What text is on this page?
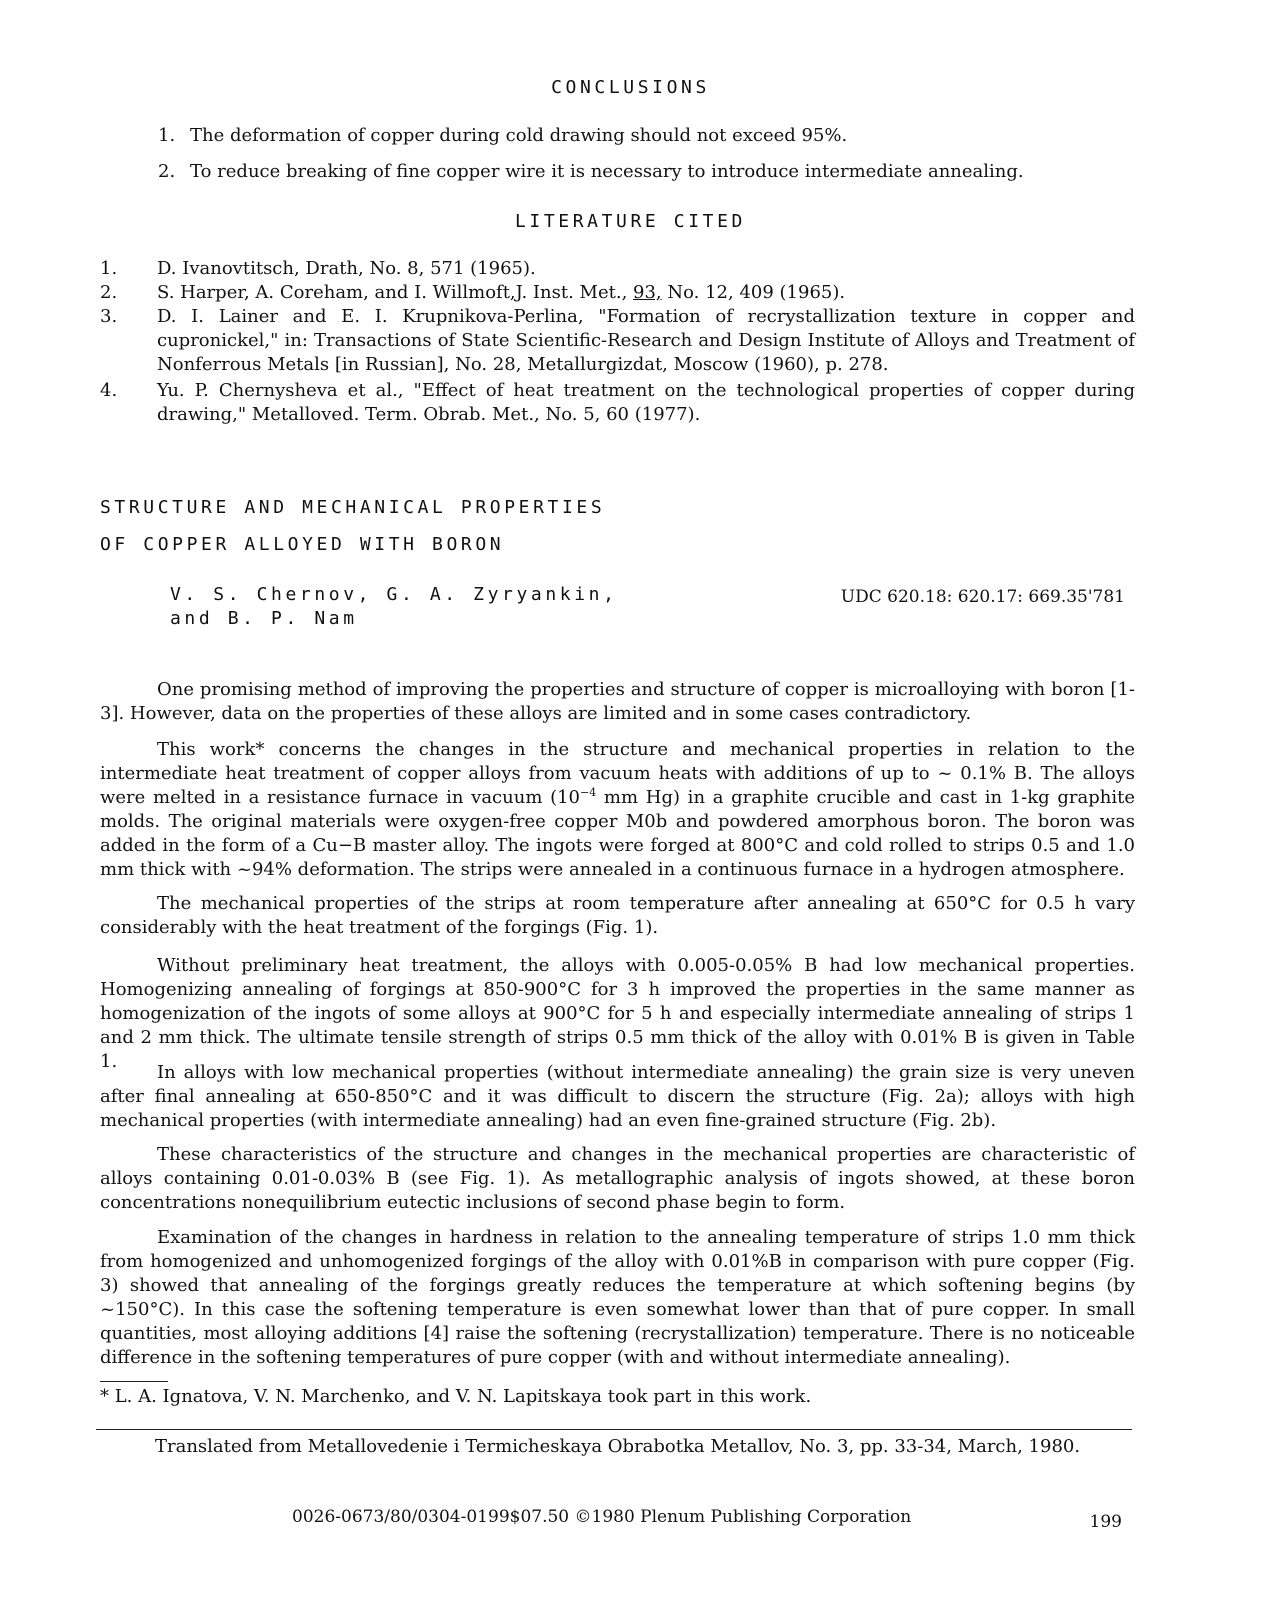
CONCLUSIONS
1. The deformation of copper during cold drawing should not exceed 95%.
2. To reduce breaking of fine copper wire it is necessary to introduce intermediate annealing.
LITERATURE CITED
1.	D. Ivanovtitsch, Drath, No. 8, 571 (1965).
2.	S. Harper, A. Coreham, and I. Willmoft,J. Inst. Met., 93, No. 12, 409 (1965).
3.	D. I. Lainer and E. I. Krupnikova-Perlina, "Formation of recrystallization texture in copper and cupronickel," in: Transactions of State Scientific-Research and Design Institute of Alloys and Treatment of Nonferrous Metals [in Russian], No. 28, Metallurgizdat, Moscow (1960), p. 278.
4.	Yu. P. Chernysheva et al., "Effect of heat treatment on the technological properties of copper during drawing," Metalloved. Term. Obrab. Met., No. 5, 60 (1977).
STRUCTURE AND MECHANICAL PROPERTIES
OF COPPER ALLOYED WITH BORON
V. S. Chernov, G. A. Zyryankin,
and B. P. Nam
UDC 620.18: 620.17: 669.35'781
One promising method of improving the properties and structure of copper is microalloying with boron [1-3]. However, data on the properties of these alloys are limited and in some cases contradictory.
This work* concerns the changes in the structure and mechanical properties in relation to the intermediate heat treatment of copper alloys from vacuum heats with additions of up to ~ 0.1% B. The alloys were melted in a resistance furnace in vacuum ($10^{-4}$ mm Hg) in a graphite crucible and cast in 1-kg graphite molds. The original materials were oxygen-free copper M0b and powdered amorphous boron. The boron was added in the form of a Cu−B master alloy. The ingots were forged at 800°C and cold rolled to strips 0.5 and 1.0 mm thick with ~94% deformation. The strips were annealed in a continuous furnace in a hydrogen atmosphere.
The mechanical properties of the strips at room temperature after annealing at 650°C for 0.5 h vary considerably with the heat treatment of the forgings (Fig. 1).
Without preliminary heat treatment, the alloys with 0.005-0.05% B had low mechanical properties. Homogenizing annealing of forgings at 850-900°C for 3 h improved the properties in the same manner as homogenization of the ingots of some alloys at 900°C for 5 h and especially intermediate annealing of strips 1 and 2 mm thick. The ultimate tensile strength of strips 0.5 mm thick of the alloy with 0.01% B is given in Table 1.
In alloys with low mechanical properties (without intermediate annealing) the grain size is very uneven after final annealing at 650-850°C and it was difficult to discern the structure (Fig. 2a); alloys with high mechanical properties (with intermediate annealing) had an even fine-grained structure (Fig. 2b).
These characteristics of the structure and changes in the mechanical properties are characteristic of alloys containing 0.01-0.03% B (see Fig. 1). As metallographic analysis of ingots showed, at these boron concentrations nonequilibrium eutectic inclusions of second phase begin to form.
Examination of the changes in hardness in relation to the annealing temperature of strips 1.0 mm thick from homogenized and unhomogenized forgings of the alloy with 0.01%B in comparison with pure copper (Fig. 3) showed that annealing of the forgings greatly reduces the temperature at which softening begins (by ~150°C). In this case the softening temperature is even somewhat lower than that of pure copper. In small quantities, most alloying additions [4] raise the softening (recrystallization) temperature. There is no noticeable difference in the softening temperatures of pure copper (with and without intermediate annealing).
* L. A. Ignatova, V. N. Marchenko, and V. N. Lapitskaya took part in this work.
Translated from Metallovedenie i Termicheskaya Obrabotka Metallov, No. 3, pp. 33-34, March, 1980.
0026-0673/80/0304-0199$07.50 ©1980 Plenum Publishing Corporation	199
